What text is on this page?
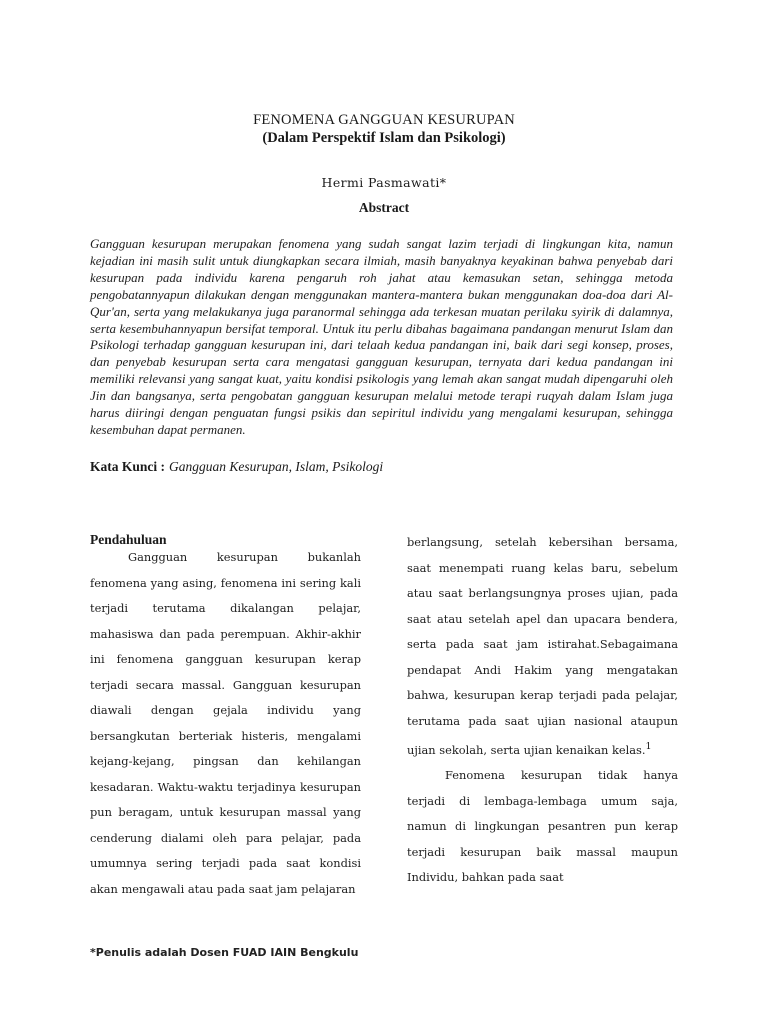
FENOMENA GANGGUAN KESURUPAN
(Dalam Perspektif Islam dan Psikologi)
Hermi Pasmawati*
Abstract

Gangguan kesurupan merupakan fenomena yang sudah sangat lazim terjadi di lingkungan kita, namun kejadian ini masih sulit untuk diungkapkan secara ilmiah, masih banyaknya keyakinan bahwa penyebab dari kesurupan pada individu karena pengaruh roh jahat atau kemasukan setan, sehingga metoda pengobatannyapun dilakukan dengan menggunakan mantera-mantera bukan menggunakan doa-doa dari Al-Qur'an, serta yang melakukanya juga paranormal sehingga ada terkesan muatan perilaku syirik di dalamnya, serta kesembuhannyapun bersifat temporal. Untuk itu perlu dibahas bagaimana pandangan menurut Islam dan Psikologi terhadap gangguan kesurupan ini, dari telaah kedua pandangan ini, baik dari segi konsep, proses, dan penyebab kesurupan serta cara mengatasi gangguan kesurupan, ternyata dari kedua pandangan ini memiliki relevansi yang sangat kuat, yaitu kondisi psikologis yang lemah akan sangat mudah dipengaruhi oleh Jin dan bangsanya, serta pengobatan gangguan kesurupan melalui metode terapi ruqyah dalam Islam juga harus diiringi dengan penguatan fungsi psikis dan sepiritul individu yang mengalami kesurupan, sehingga kesembuhan dapat permanen.

Kata Kunci : Gangguan Kesurupan, Islam, Psikologi
Pendahuluan

Gangguan kesurupan bukanlah fenomena yang asing, fenomena ini sering kali terjadi terutama dikalangan pelajar, mahasiswa dan pada perempuan. Akhir-akhir ini fenomena gangguan kesurupan kerap terjadi secara massal. Gangguan kesurupan diawali dengan gejala individu yang bersangkutan berteriak histeris, mengalami kejang-kejang, pingsan dan kehilangan kesadaran. Waktu-waktu terjadinya kesurupan pun beragam, untuk kesurupan massal yang cenderung dialami oleh para pelajar, pada umumnya sering terjadi pada saat kondisi akan mengawali atau pada saat jam pelajaran

berlangsung, setelah kebersihan bersama, saat menempati ruang kelas baru, sebelum atau saat berlangsungnya proses ujian, pada saat atau setelah apel dan upacara bendera, serta pada saat jam istirahat.Sebagaimana pendapat Andi Hakim yang mengatakan bahwa, kesurupan kerap terjadi pada pelajar, terutama pada saat ujian nasional ataupun ujian sekolah, serta ujian kenaikan kelas.$^1$

Fenomena kesurupan tidak hanya terjadi di lembaga-lembaga umum saja, namun di lingkungan pesantren pun kerap terjadi kesurupan baik massal maupun Individu, bahkan pada saat

*Penulis adalah Dosen FUAD IAIN Bengkulu
